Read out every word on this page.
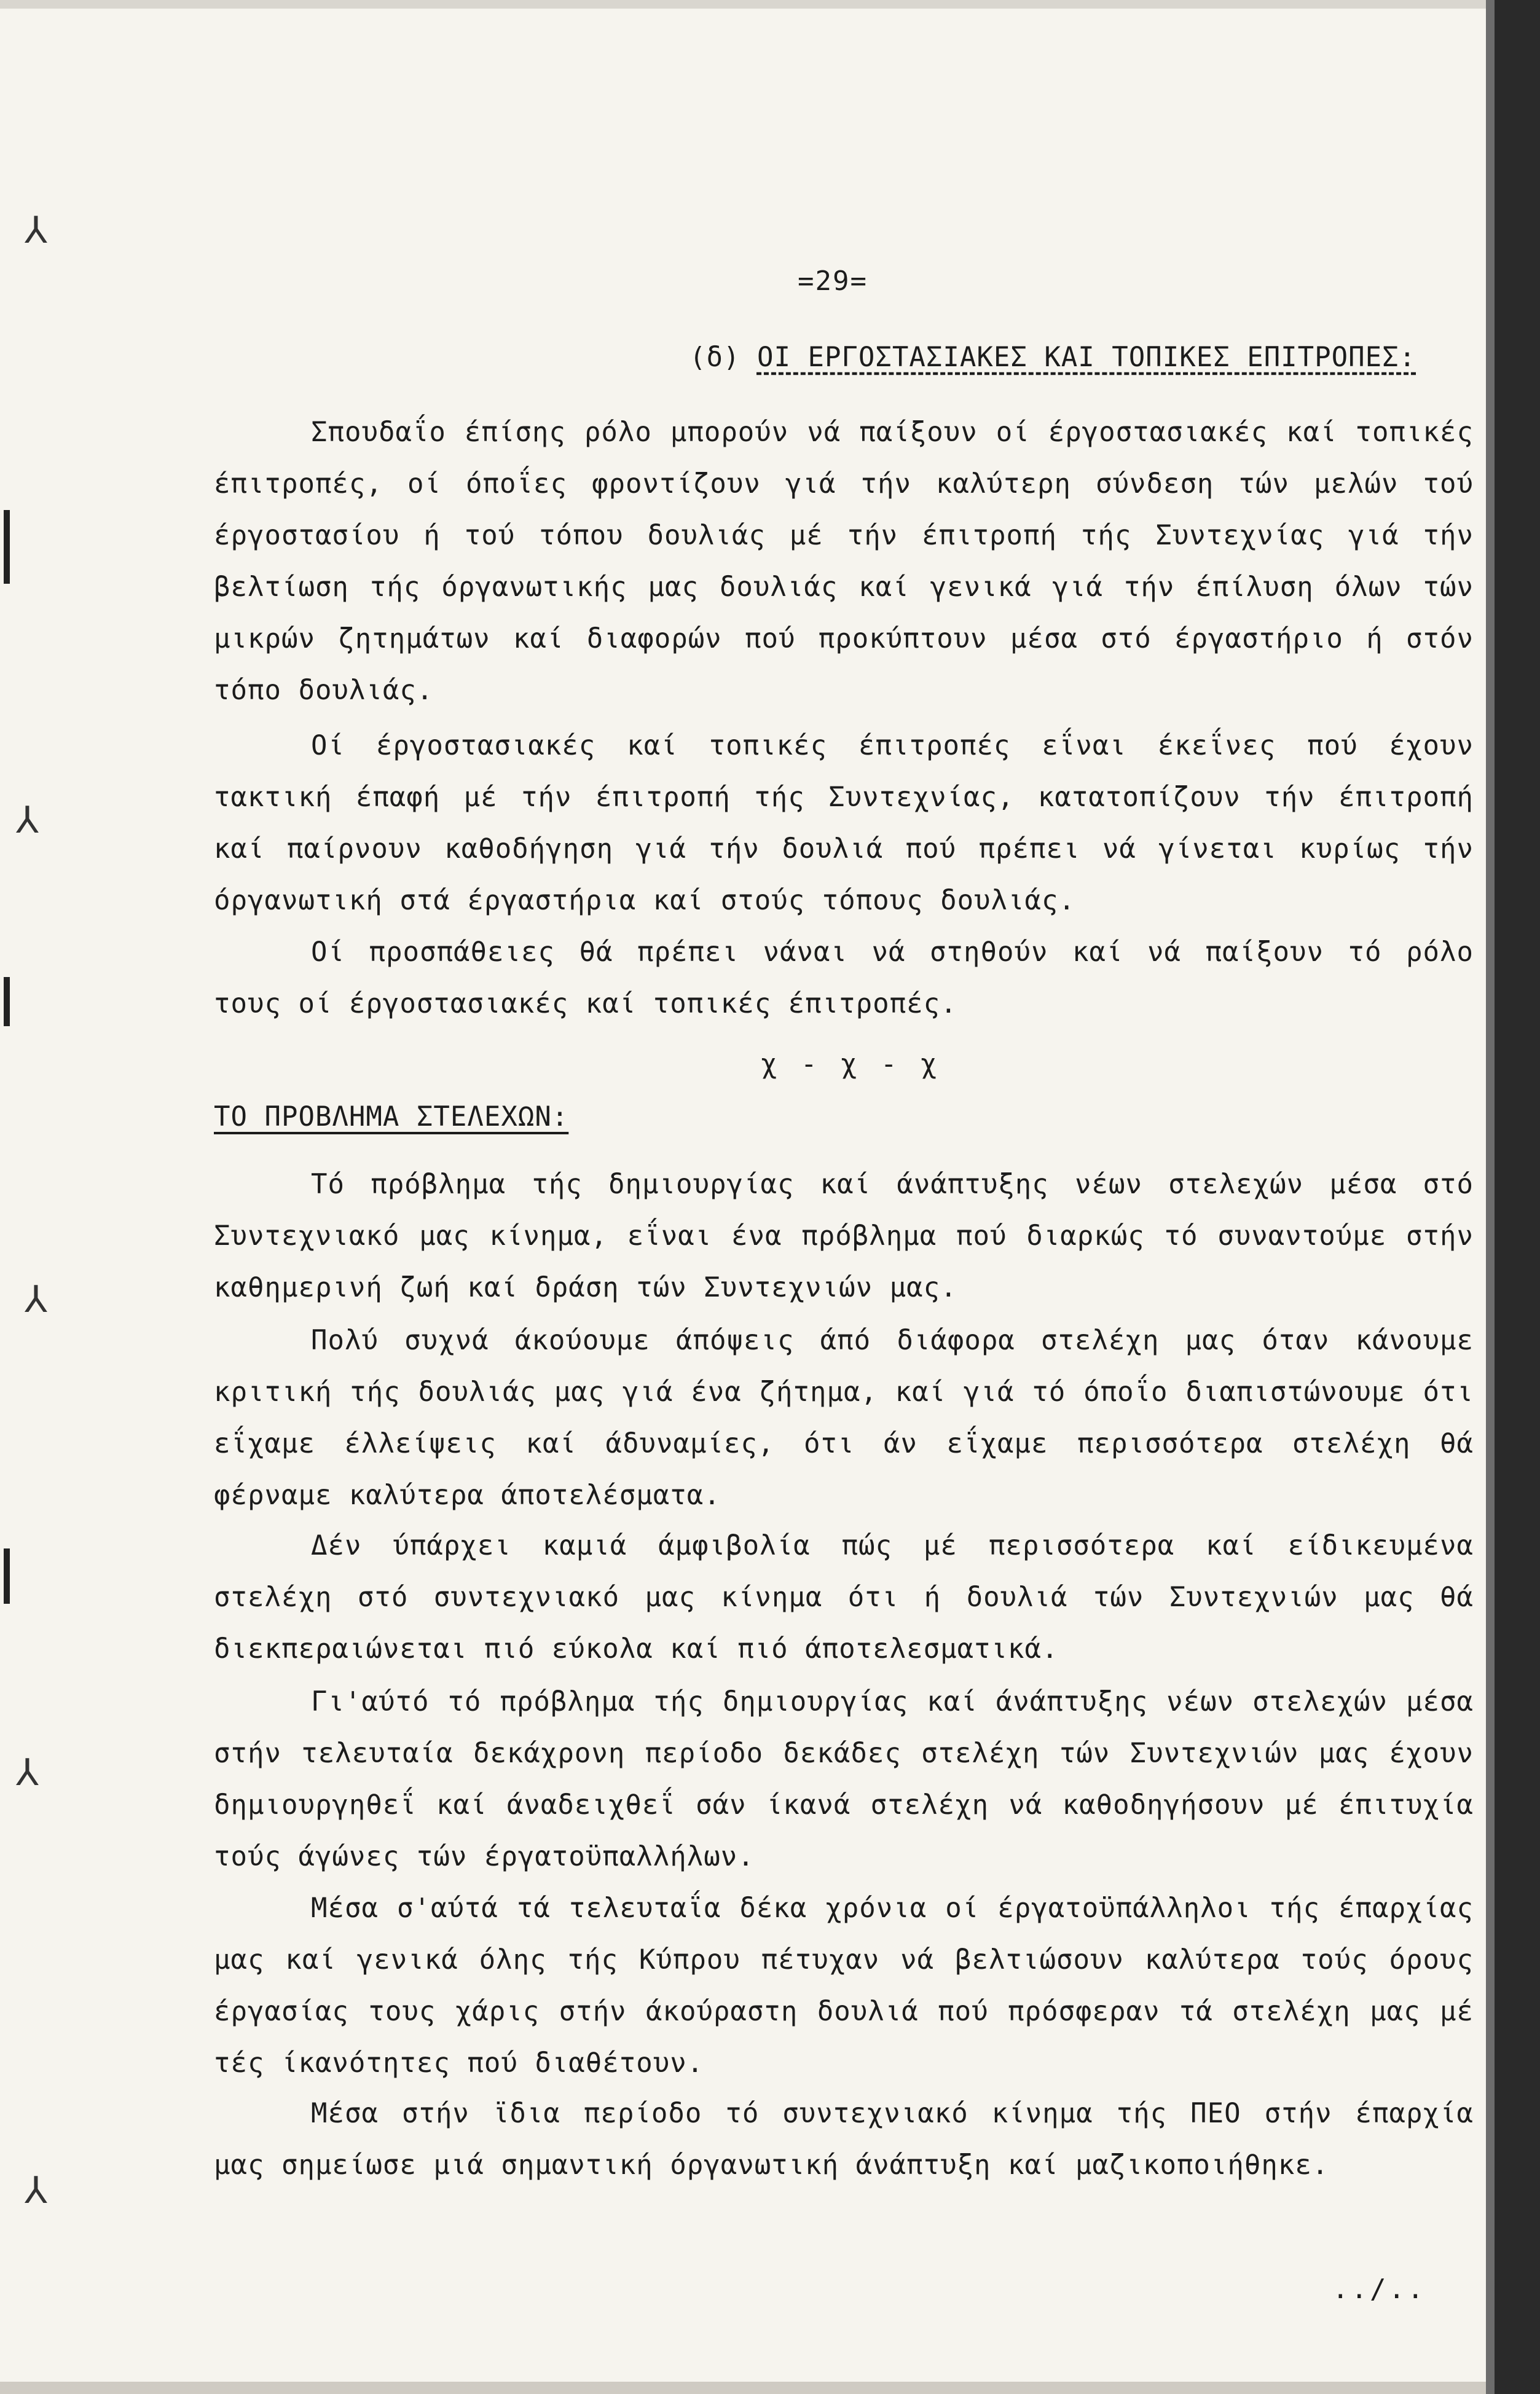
⅄
⅄
⅄
⅄
⅄
=29=
(δ) ΟΙ ΕΡΓΟΣΤΑΣΙΑΚΕΣ ΚΑΙ ΤΟΠΙΚΕΣ ΕΠΙΤΡΟΠΕΣ:

Σπουδαΐο έπίσης ρόλο μπορούν νά παίξουν οί έργοστασιακές καί τοπικές έπιτροπές, οί όποΐες φροντίζουν γιά τήν καλύτερη σύνδεση τών μελών τού έργοστασίου ή τού τόπου δουλιάς μέ τήν έπιτροπή τής Συντεχνίας γιά τήν βελτίωση τής όργανωτικής μας δουλιάς καί γενικά γιά τήν έπίλυση όλων τών μικρών ζητημάτων καί διαφορών πού προκύπτουν μέσα στό έργαστήριο ή στόν τόπο δουλιάς.

Οί έργοστασιακές καί τοπικές έπιτροπές εΐναι έκεΐνες πού έχουν τακτική έπαφή μέ τήν έπιτροπή τής Συντεχνίας, κατατοπίζουν τήν έπιτροπή καί παίρνουν καθοδήγηση γιά τήν δουλιά πού πρέπει νά γίνεται κυρίως τήν όργανωτική στά έργαστήρια καί στούς τόπους δουλιάς.

Οί προσπάθειες θά πρέπει νάναι νά στηθούν καί νά παίξουν τό ρόλο τους οί έργοστασιακές καί τοπικές έπιτροπές.

χ - χ - χ
ΤΟ ΠΡΟΒΛΗΜΑ ΣΤΕΛΕΧΩΝ:

Τό πρόβλημα τής δημιουργίας καί άνάπτυξης νέων στελεχών μέσα στό Συντεχνιακό μας κίνημα, εΐναι ένα πρόβλημα πού διαρκώς τό συναντούμε στήν καθημερινή ζωή καί δράση τών Συντεχνιών μας.

Πολύ συχνά άκούουμε άπόψεις άπό διάφορα στελέχη μας όταν κάνουμε κριτική τής δουλιάς μας γιά ένα ζήτημα, καί γιά τό όποΐο διαπιστώνουμε ότι εΐχαμε έλλείψεις καί άδυναμίες, ότι άν εΐχαμε περισσότερα στελέχη θά φέρναμε καλύτερα άποτελέσματα.

Δέν ύπάρχει καμιά άμφιβολία πώς μέ περισσότερα καί είδικευμένα στελέχη στό συντεχνιακό μας κίνημα ότι ή δουλιά τών Συντεχνιών μας θά διεκπεραιώνεται πιό εύκολα καί πιό άποτελεσματικά.

Γι'αύτό τό πρόβλημα τής δημιουργίας καί άνάπτυξης νέων στελεχών μέσα στήν τελευταία δεκάχρονη περίοδο δεκάδες στελέχη τών Συντεχνιών μας έχουν δημιουργηθεΐ καί άναδειχθεΐ σάν ίκανά στελέχη νά καθοδηγήσουν μέ έπιτυχία τούς άγώνες τών έργατοϋπαλλήλων.

Μέσα σ'αύτά τά τελευταΐα δέκα χρόνια οί έργατοϋπάλληλοι τής έπαρχίας μας καί γενικά όλης τής Κύπρου πέτυχαν νά βελτιώσουν καλύτερα τούς όρους έργασίας τους χάρις στήν άκούραστη δουλιά πού πρόσφεραν τά στελέχη μας μέ τές ίκανότητες πού διαθέτουν.

Μέσα στήν ϊδια περίοδο τό συντεχνιακό κίνημα τής ΠΕΟ στήν έπαρχία μας σημείωσε μιά σημαντική όργανωτική άνάπτυξη καί μαζικοποιήθηκε.

../..
